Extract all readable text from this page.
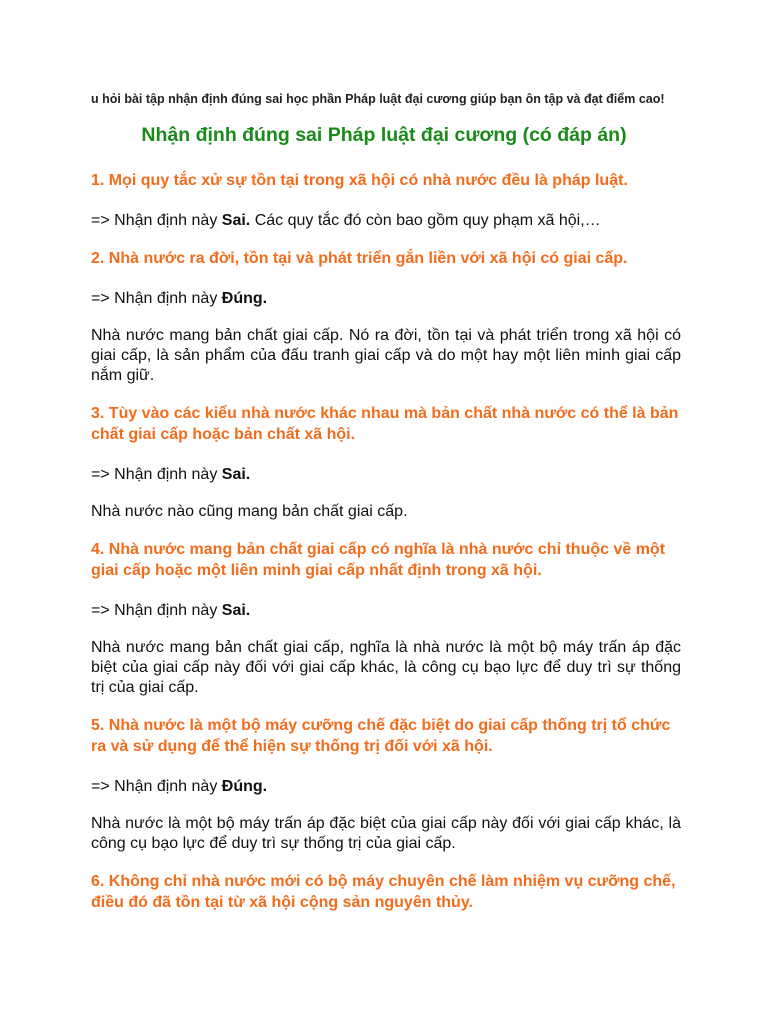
u hỏi bài tập nhận định đúng sai học phần Pháp luật đại cương giúp bạn ôn tập và đạt điểm cao!
Nhận định đúng sai Pháp luật đại cương (có đáp án)
1. Mọi quy tắc xử sự tồn tại trong xã hội có nhà nước đều là pháp luật.
=> Nhận định này Sai. Các quy tắc đó còn bao gồm quy phạm xã hội,…
2. Nhà nước ra đời, tồn tại và phát triển gắn liền với xã hội có giai cấp.
=> Nhận định này Đúng.
Nhà nước mang bản chất giai cấp. Nó ra đời, tồn tại và phát triển trong xã hội có giai cấp, là sản phẩm của đấu tranh giai cấp và do một hay một liên minh giai cấp nắm giữ.
3. Tùy vào các kiểu nhà nước khác nhau mà bản chất nhà nước có thể là bản chất giai cấp hoặc bản chất xã hội.
=> Nhận định này Sai.
Nhà nước nào cũng mang bản chất giai cấp.
4. Nhà nước mang bản chất giai cấp có nghĩa là nhà nước chỉ thuộc về một giai cấp hoặc một liên minh giai cấp nhất định trong xã hội.
=> Nhận định này Sai.
Nhà nước mang bản chất giai cấp, nghĩa là nhà nước là một bộ máy trấn áp đặc biệt của giai cấp này đối với giai cấp khác, là công cụ bạo lực để duy trì sự thống trị của giai cấp.
5. Nhà nước là một bộ máy cưỡng chế đặc biệt do giai cấp thống trị tổ chức ra và sử dụng để thể hiện sự thống trị đối với xã hội.
=> Nhận định này Đúng.
Nhà nước là một bộ máy trấn áp đặc biệt của giai cấp này đối với giai cấp khác, là công cụ bạo lực để duy trì sự thống trị của giai cấp.
6. Không chỉ nhà nước mới có bộ máy chuyên chế làm nhiệm vụ cưỡng chế, điều đó đã tồn tại từ xã hội cộng sản nguyên thủy.
